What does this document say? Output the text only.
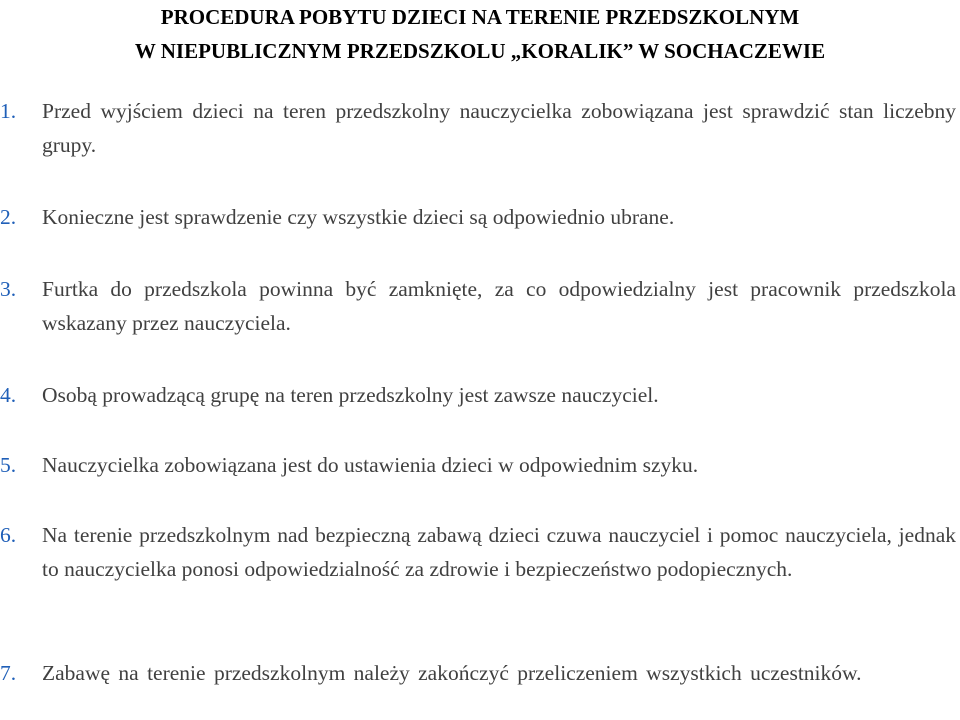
PROCEDURA POBYTU DZIECI NA TERENIE PRZEDSZKOLNYM
W NIEPUBLICZNYM PRZEDSZKOLU „KORALIK” W SOCHACZEWIE
1. Przed wyjściem dzieci na teren przedszkolny nauczycielka zobowiązana jest sprawdzić stan liczebny grupy.
2. Konieczne jest sprawdzenie czy wszystkie dzieci są odpowiednio ubrane.
3. Furtka do przedszkola powinna być zamknięte, za co odpowiedzialny jest pracownik przedszkola wskazany przez nauczyciela.
4. Osobą prowadzącą grupę na teren przedszkolny jest zawsze nauczyciel.
5. Nauczycielka zobowiązana jest do ustawienia dzieci w odpowiednim szyku.
6. Na terenie przedszkolnym nad bezpieczną zabawą dzieci czuwa nauczyciel i pomoc nauczyciela, jednak to nauczycielka ponosi odpowiedzialność za zdrowie i bezpieczeństwo podopiecznych.
7. Zabawę na terenie przedszkolnym należy zakończyć przeliczeniem wszystkich uczestników.
